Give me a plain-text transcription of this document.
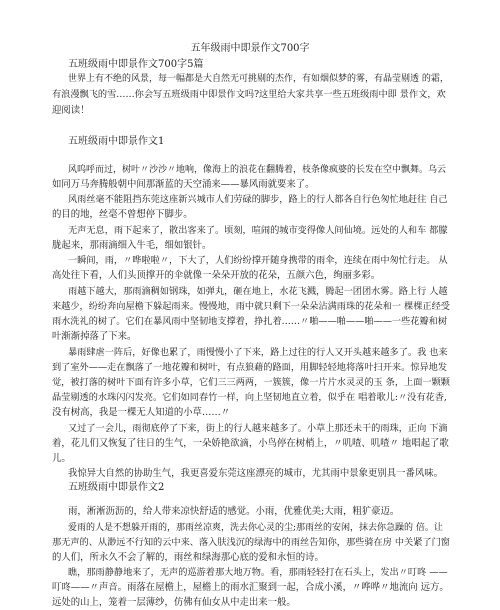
五年级雨中即景作文700字
五班级雨中即景作文700字5篇
世界上有不绝的风景，每一幅都是大自然无可挑剔的杰作，有如烟似梦的雾，有晶莹剔透 的霜，
有浪漫飘飞的雪……你会写五班级雨中即景作文吗?这里给大家共享一些五班级雨中即 景作文，欢
迎阅读！
五班级雨中即景作文1
风呜呼而过，树叶〃沙沙〃地响，像海上的浪花在翻腾着，枝条像疯婆的长发在空中飘舞。乌云
如同万马奔腾般朝中间那渐蓝的天空涌来——暴风雨就要来了。
风雨丝毫不能阻挡东莞这座新兴城市人们劳碌的脚步，路上的行人都各自行色匆忙地赶往 自己
的目的地，丝毫不曾想停下脚步。
无声无息，雨下起来了，散出客来了。顷刻，喧闹的城市变得像人间仙境。远处的人和车 都朦
胧起来，那雨滴细入牛毛，细如银针。
一瞬间，雨，〃哗啦啦〃，下大了，人们纷纷撑开随身携带的雨伞，连续在雨中匆忙行走。 从
高处往下看，人们头顶撑开的伞就像一朵朵开放的花朵，五颜六色，绚丽多彩。
雨越下越大，那雨滴稠如钢珠，如弹丸，砸在地上，水花飞溅，腾起一团团水雾。路上行 人越
来越少，纷纷奔向屋檐下躲起雨来。慢慢地，雨中就只剩下一朵朵沾满雨珠的花朵和一 棵棵正经受
雨水洗礼的树了。它们在暴风雨中坚韧地支撑着，挣扎着……〃啪——啪——啪——一些花瓣和树
叶渐渐掉落了下来。
暴雨肆虐一阵后，好像也累了，雨慢慢小了下来，路上过往的行人又开头越来越多了。我 也来
到了室外——走在飘落了一地花瓣和树叶，有点狼藉的路面，用脚轻轻地将落叶扫开来。惊异地发
觉，被打落的树叶下面有许多小草，它们三三两两，一簇簇，像一片片水灵灵的玉 条，上面一颗颗
晶莹剔透的水珠闪闪发亮。它们如同春竹一样，向上坚韧地直立着，似乎在 唱着歌儿:〃没有花香,
没有树高，我是一棵无人知道的小草……〃
又过了一会儿，雨彻底停了下来，街上的行人越来越多了。小草上那还未干的雨珠，正向 下滴
着，花儿们又恢复了往日的生气，一朵娇艳欲滴，小鸟停在树梢上，〃叽喳、叽喳〃 地唱起了歌
儿。
我惊异大自然的协助生气，我更喜爱东莞这座漂亮的城市，尤其雨中景象更别具一番风味。
五班级雨中即景作文2
雨，淅淅沥沥的，给人带来凉快舒适的感觉。小雨，优雅优美;大雨，粗犷豪迈。
爱雨的人是不想躲开雨的，那雨丝凉爽，洗去你心灵的尘;那雨丝的安闲，抹去你急躁的 倍。让
那无声的、从渺远不行知的云中来、落入肤浅沉的绿海中的雨丝告知你，那些骑在房 中关紧了门窗
的人们，所永久不会了解的，雨丝和绿海那心底的爱和永恒的诗。
瞧，那雨静静地来了，无声的巡游着那大地万物。看，那雨轻轻打在石头上，发出〃叮咚 ——
叮咚——〃声音。雨落在屋檐上，屋檐上的雨水汇聚到一起，合成小溪，〃哗哗〃地流向 远方。
远处的山上，笼着一层薄纱，仿佛有仙女从中走出来一般。
